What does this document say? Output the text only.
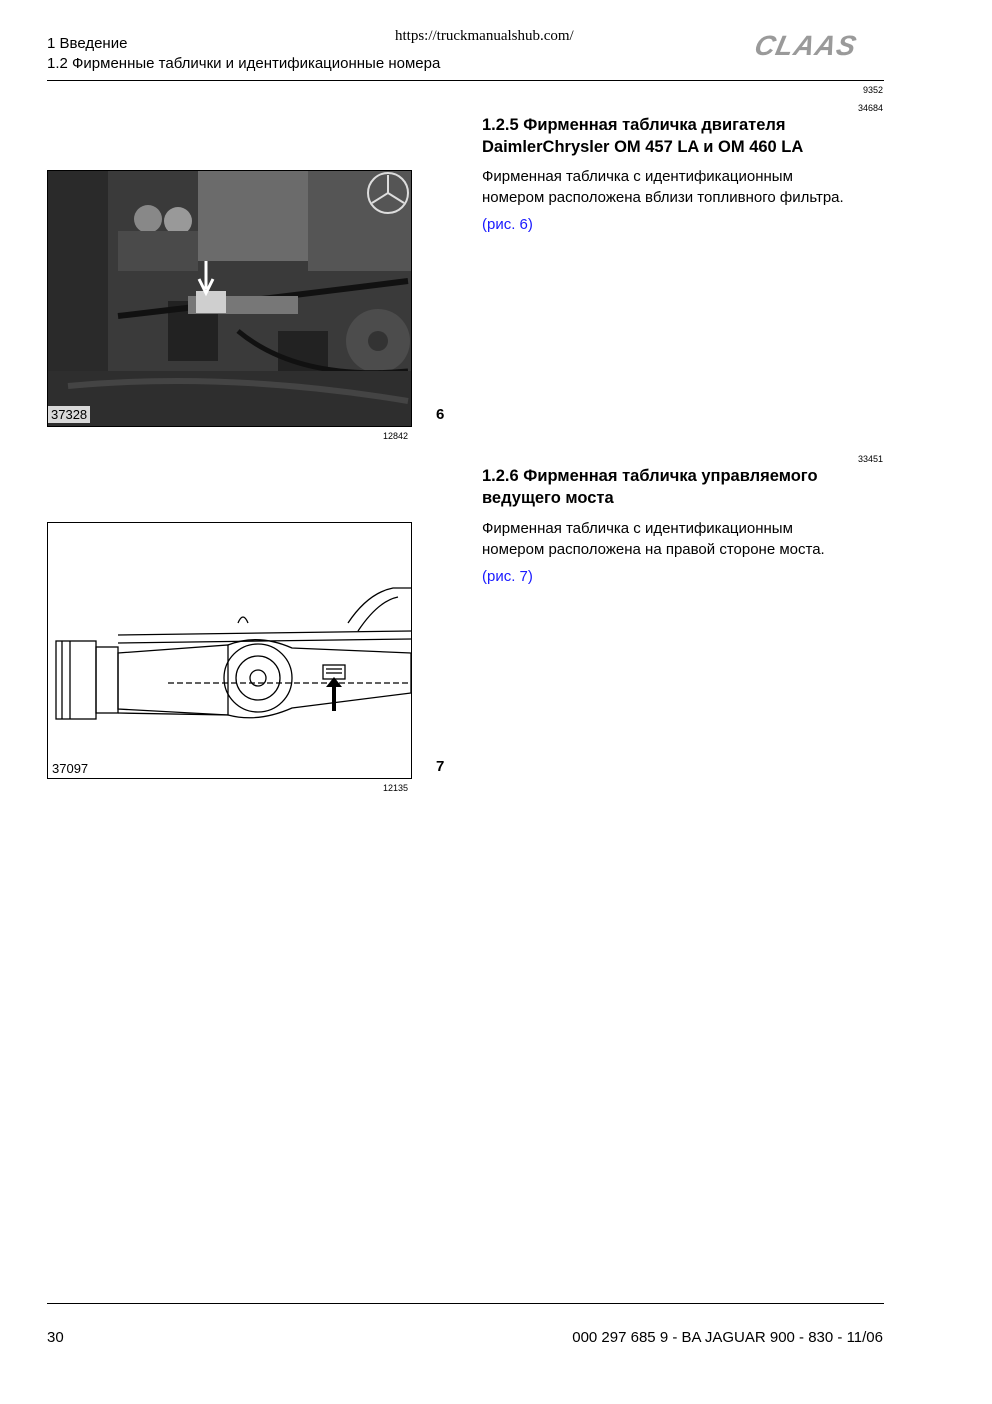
1 Введение
1.2 Фирменные таблички и идентификационные номера
https://truckmanualshub.com/	CLAAS
9352
34684
1.2.5 Фирменная табличка двигателя
DaimlerChrysler OM 457 LA и OM 460 LA
Фирменная табличка с идентификационным
номером расположена вблизи топливного фильтра.
(рис. 6)
37328	6
12842
33451
1.2.6 Фирменная табличка управляемого
ведущего моста
Фирменная табличка с идентификационным
номером расположена на правой стороне моста.
(рис. 7)
37097	7
12135
30	000 297 685 9 - BA JAGUAR 900 - 830 - 11/06
